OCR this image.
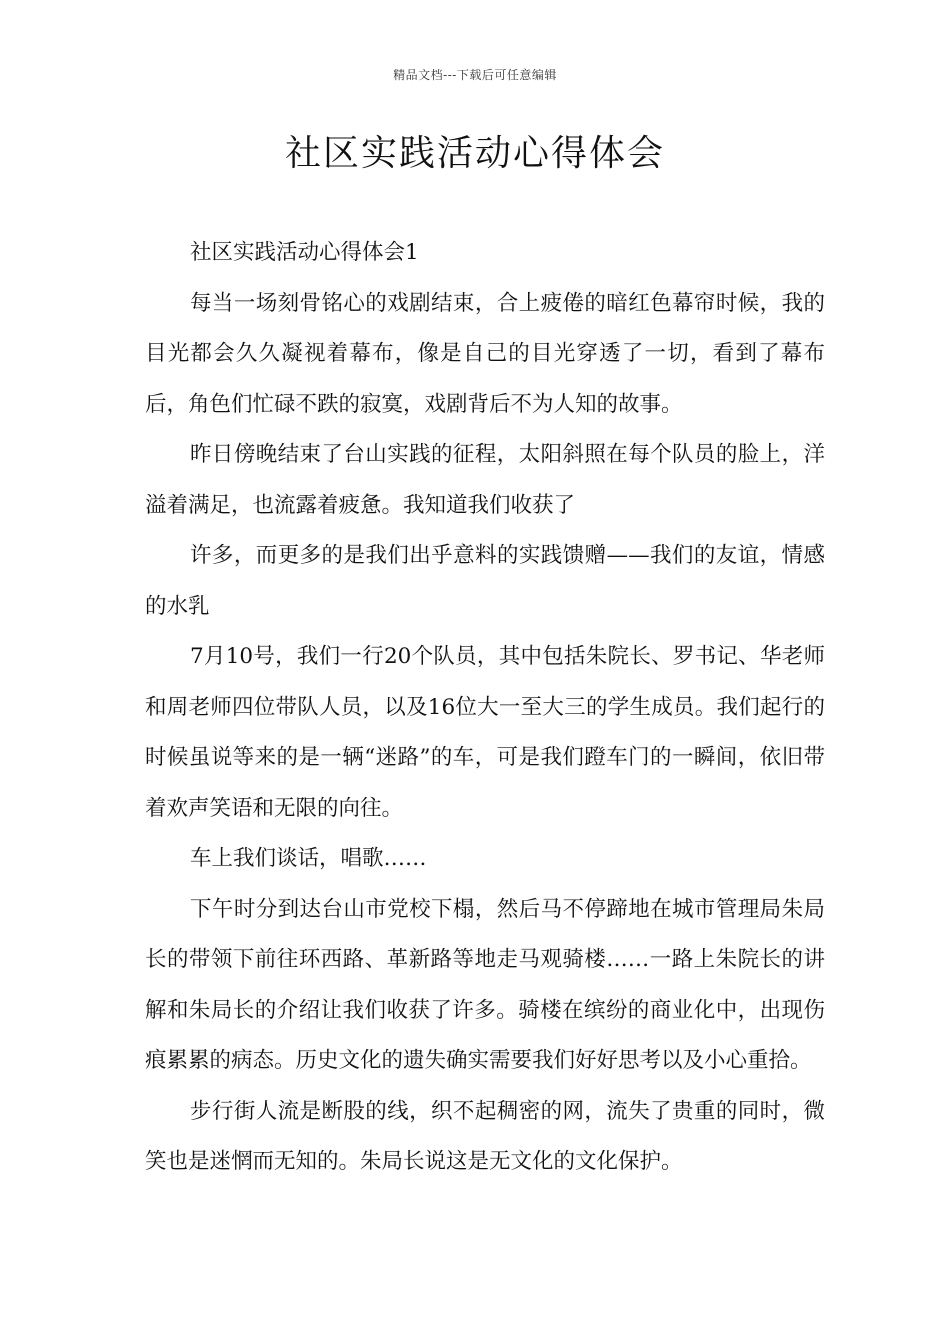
精品文档---下载后可任意编辑
社区实践活动心得体会

社区实践活动心得体会1

每当一场刻骨铭心的戏剧结束，合上疲倦的暗红色幕帘时候，我的目光都会久久凝视着幕布，像是自己的目光穿透了一切，看到了幕布后，角色们忙碌不跌的寂寞，戏剧背后不为人知的故事。

昨日傍晚结束了台山实践的征程，太阳斜照在每个队员的脸上，洋溢着满足，也流露着疲惫。我知道我们收获了

许多，而更多的是我们出乎意料的实践馈赠——我们的友谊，情感的水乳

7月10号，我们一行20个队员，其中包括朱院长、罗书记、华老师和周老师四位带队人员，以及16位大一至大三的学生成员。我们起行的时候虽说等来的是一辆“迷路”的车，可是我们蹬车门的一瞬间，依旧带着欢声笑语和无限的向往。

车上我们谈话，唱歌……

下午时分到达台山市党校下榻，然后马不停蹄地在城市管理局朱局长的带领下前往环西路、革新路等地走马观骑楼……一路上朱院长的讲解和朱局长的介绍让我们收获了许多。骑楼在缤纷的商业化中，出现伤痕累累的病态。历史文化的遗失确实需要我们好好思考以及小心重拾。

步行街人流是断股的线，织不起稠密的网，流失了贵重的同时，微笑也是迷惘而无知的。朱局长说这是无文化的文化保护。
